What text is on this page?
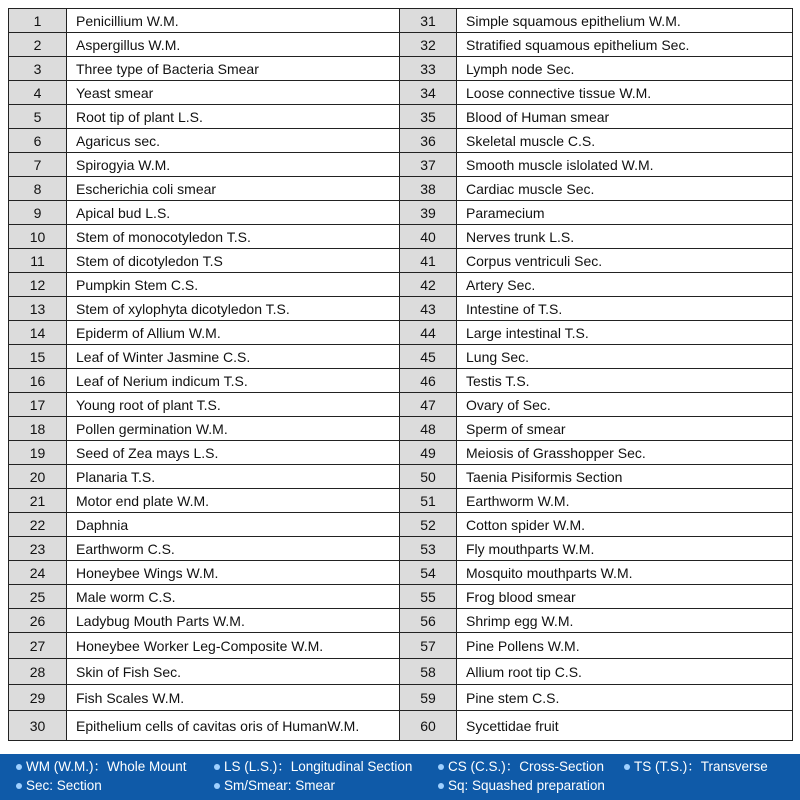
1	Penicillium W.M.	31	Simple squamous epithelium W.M.
2	Aspergillus W.M.	32	Stratified squamous epithelium Sec.
3	Three type of Bacteria Smear	33	Lymph node Sec.
4	Yeast smear	34	Loose connective tissue W.M.
5	Root tip of plant L.S.	35	Blood of Human smear
6	Agaricus sec.	36	Skeletal muscle C.S.
7	Spirogyia W.M.	37	Smooth muscle islolated W.M.
8	Escherichia coli smear	38	Cardiac muscle Sec.
9	Apical bud L.S.	39	Paramecium
10	Stem of monocotyledon T.S.	40	Nerves trunk L.S.
11	Stem of dicotyledon T.S	41	Corpus ventriculi Sec.
12	Pumpkin Stem C.S.	42	Artery Sec.
13	Stem of xylophyta dicotyledon T.S.	43	Intestine of T.S.
14	Epiderm of Allium W.M.	44	Large intestinal T.S.
15	Leaf of Winter Jasmine C.S.	45	Lung Sec.
16	Leaf of Nerium indicum T.S.	46	Testis T.S.
17	Young root of plant T.S.	47	Ovary of Sec.
18	Pollen germination W.M.	48	Sperm of smear
19	Seed of Zea mays L.S.	49	Meiosis of Grasshopper Sec.
20	Planaria T.S.	50	Taenia Pisiformis Section
21	Motor end plate W.M.	51	Earthworm W.M.
22	Daphnia	52	Cotton spider W.M.
23	Earthworm C.S.	53	Fly mouthparts W.M.
24	Honeybee Wings W.M.	54	Mosquito mouthparts W.M.
25	Male worm C.S.	55	Frog blood smear
26	Ladybug Mouth Parts W.M.	56	Shrimp egg W.M.
27	Honeybee Worker Leg-Composite W.M.	57	Pine Pollens W.M.
28	Skin of Fish Sec.	58	Allium root tip C.S.
29	Fish Scales W.M.	59	Pine stem C.S.
30	Epithelium cells of cavitas oris of HumanW.M.	60	Sycettidae fruit
WM (W.M.)：Whole Mount	LS (L.S.)：Longitudinal Section	CS (C.S.)：Cross-Section	TS (T.S.)：Transverse
Sec: Section	Sm/Smear: Smear	Sq: Squashed preparation
